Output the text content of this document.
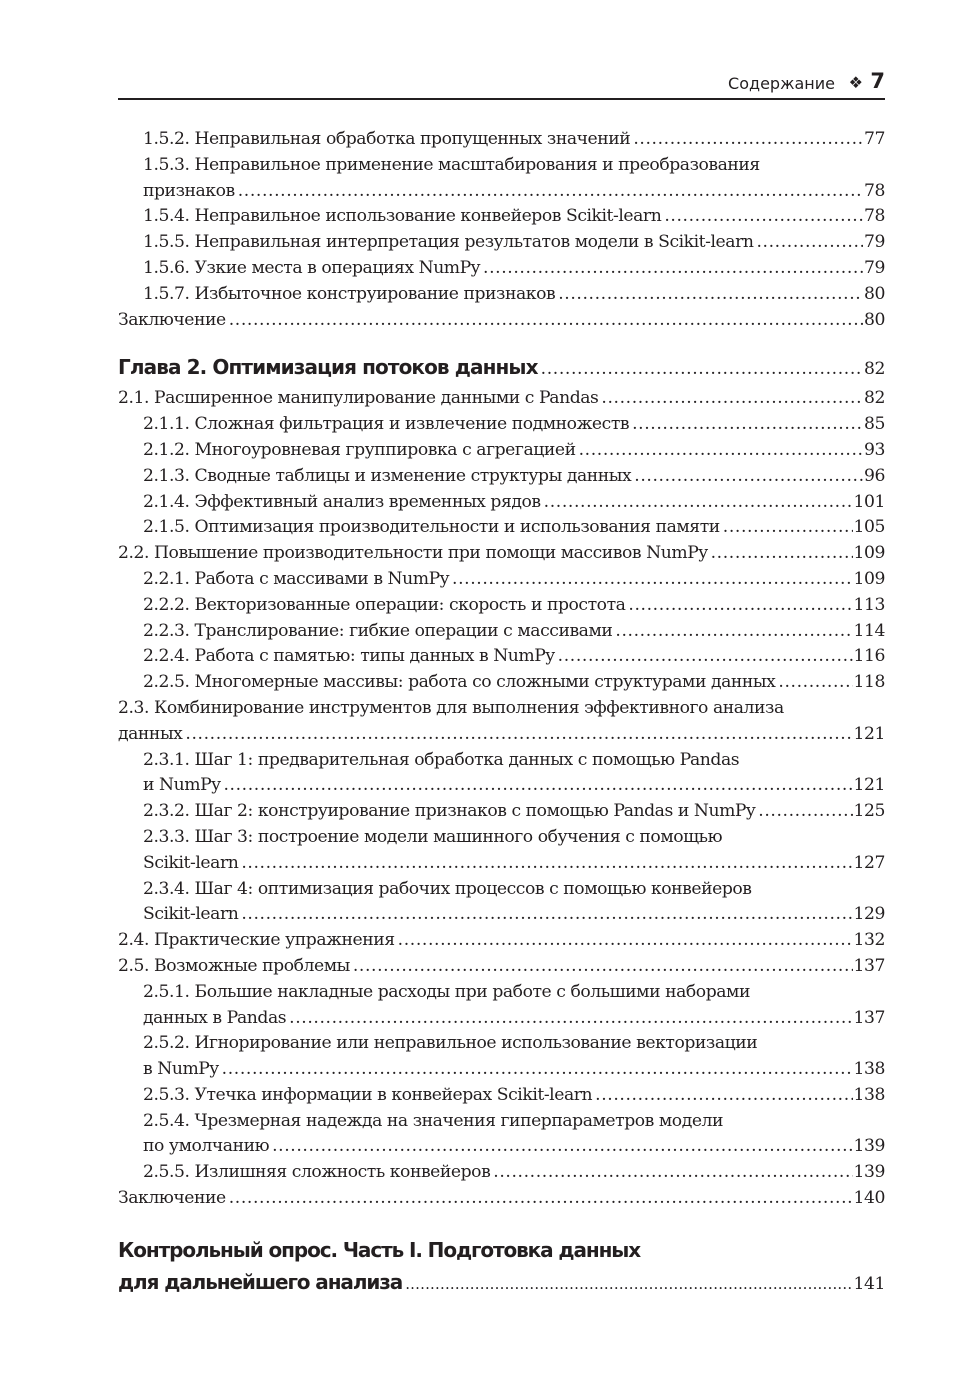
Содержание ❖ 7
1.5.2. Неправильная обработка пропущенных значений .....	77
1.5.3. Неправильное применение масштабирования и преобразования
признаков .....	78
1.5.4. Неправильное использование конвейеров Scikit-learn .....	78
1.5.5. Неправильная интерпретация результатов модели в Scikit-learn .....	79
1.5.6. Узкие места в операциях NumPy .....	79
1.5.7. Избыточное конструирование признаков .....	80
Заключение .....	80
Глава 2. Оптимизация потоков данных .....	82
2.1. Расширенное манипулирование данными с Pandas .....	82
2.1.1. Сложная фильтрация и извлечение подмножеств .....	85
2.1.2. Многоуровневая группировка с агрегацией .....	93
2.1.3. Сводные таблицы и изменение структуры данных .....	96
2.1.4. Эффективный анализ временных рядов .....	101
2.1.5. Оптимизация производительности и использования памяти .....	105
2.2. Повышение производительности при помощи массивов NumPy .....	109
2.2.1. Работа с массивами в NumPy .....	109
2.2.2. Векторизованные операции: скорость и простота .....	113
2.2.3. Транслирование: гибкие операции с массивами .....	114
2.2.4. Работа с памятью: типы данных в NumPy .....	116
2.2.5. Многомерные массивы: работа со сложными структурами данных .....	118
2.3. Комбинирование инструментов для выполнения эффективного анализа
данных .....	121
2.3.1. Шаг 1: предварительная обработка данных с помощью Pandas
и NumPy .....	121
2.3.2. Шаг 2: конструирование признаков с помощью Pandas и NumPy .....	125
2.3.3. Шаг 3: построение модели машинного обучения с помощью
Scikit-learn .....	127
2.3.4. Шаг 4: оптимизация рабочих процессов с помощью конвейеров
Scikit-learn .....	129
2.4. Практические упражнения .....	132
2.5. Возможные проблемы .....	137
2.5.1. Большие накладные расходы при работе с большими наборами
данных в Pandas .....	137
2.5.2. Игнорирование или неправильное использование векторизации
в NumPy .....	138
2.5.3. Утечка информации в конвейерах Scikit-learn .....	138
2.5.4. Чрезмерная надежда на значения гиперпараметров модели
по умолчанию .....	139
2.5.5. Излишняя сложность конвейеров .....	139
Заключение .....	140
Контрольный опрос. Часть I. Подготовка данных
для дальнейшего анализа .....	141
